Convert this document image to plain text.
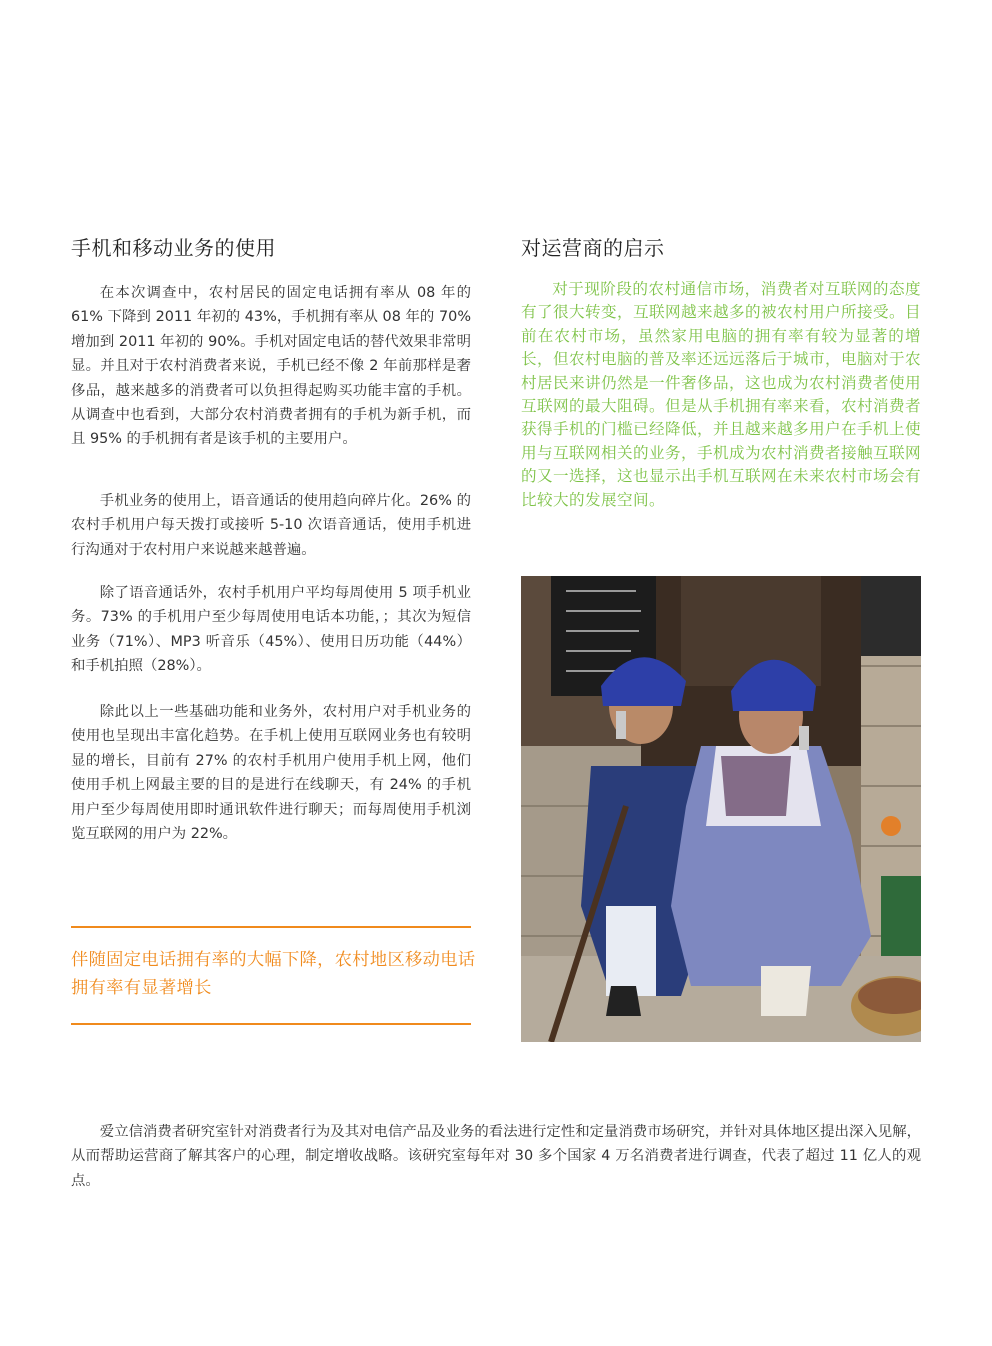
手机和移动业务的使用

在本次调查中，农村居民的固定电话拥有率从 08 年的 61% 下降到 2011 年初的 43%，手机拥有率从 08 年的 70% 增加到 2011 年初的 90%。手机对固定电话的替代效果非常明显。并且对于农村消费者来说，手机已经不像 2 年前那样是奢侈品，越来越多的消费者可以负担得起购买功能丰富的手机。从调查中也看到，大部分农村消费者拥有的手机为新手机，而且 95% 的手机拥有者是该手机的主要用户。

手机业务的使用上，语音通话的使用趋向碎片化。26% 的农村手机用户每天拨打或接听 5-10 次语音通话，使用手机进行沟通对于农村用户来说越来越普遍。

除了语音通话外，农村手机用户平均每周使用 5 项手机业务。73% 的手机用户至少每周使用电话本功能，；其次为短信业务（71%）、MP3 听音乐（45%）、使用日历功能（44%）和手机拍照（28%）。

除此以上一些基础功能和业务外，农村用户对手机业务的使用也呈现出丰富化趋势。在手机上使用互联网业务也有较明显的增长，目前有 27% 的农村手机用户使用手机上网，他们使用手机上网最主要的目的是进行在线聊天，有 24% 的手机用户至少每周使用即时通讯软件进行聊天；而每周使用手机浏览互联网的用户为 22%。

伴随固定电话拥有率的大幅下降，农村地区移动电话拥有率有显著增长

对运营商的启示

对于现阶段的农村通信市场，消费者对互联网的态度有了很大转变，互联网越来越多的被农村用户所接受。目前在农村市场，虽然家用电脑的拥有率有较为显著的增长，但农村电脑的普及率还远远落后于城市，电脑对于农村居民来讲仍然是一件奢侈品，这也成为农村消费者使用互联网的最大阻碍。但是从手机拥有率来看，农村消费者获得手机的门槛已经降低，并且越来越多用户在手机上使用与互联网相关的业务，手机成为农村消费者接触互联网的又一选择，这也显示出手机互联网在未来农村市场会有比较大的发展空间。

爱立信消费者研究室针对消费者行为及其对电信产品及业务的看法进行定性和定量消费市场研究，并针对具体地区提出深入见解，从而帮助运营商了解其客户的心理，制定增收战略。该研究室每年对 30 多个国家 4 万名消费者进行调查，代表了超过 11 亿人的观点。
